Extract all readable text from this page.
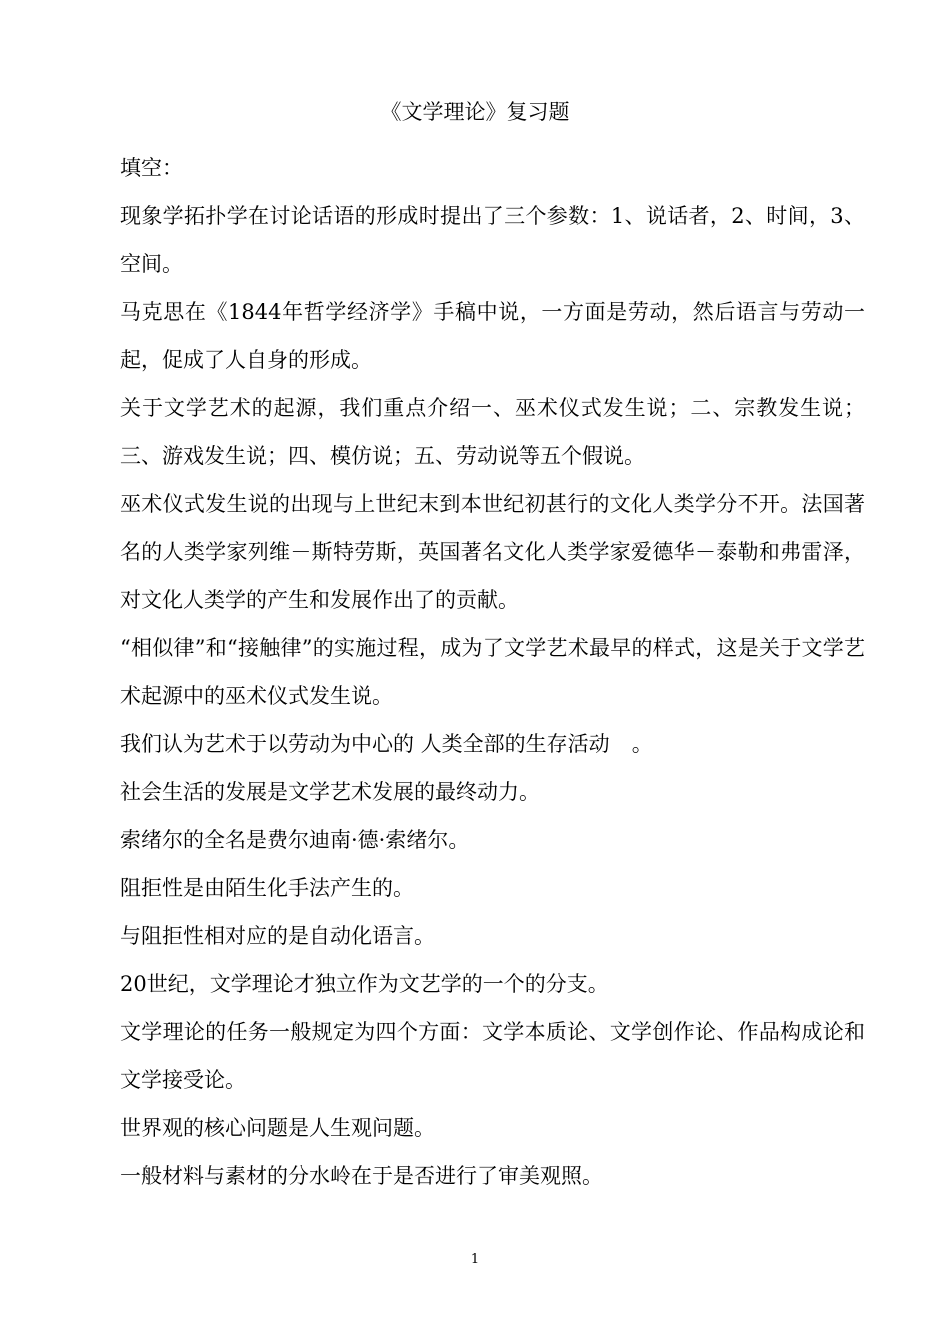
《文学理论》复习题

填空：

现象学拓扑学在讨论话语的形成时提出了三个参数：1、说话者，2、时间，3、空间。

马克思在《1844年哲学经济学》手稿中说，一方面是劳动，然后语言与劳动一起，促成了人自身的形成。

关于文学艺术的起源，我们重点介绍一、巫术仪式发生说；二、宗教发生说；三、游戏发生说；四、模仿说；五、劳动说等五个假说。

巫术仪式发生说的出现与上世纪末到本世纪初甚行的文化人类学分不开。法国著名的人类学家列维－斯特劳斯，英国著名文化人类学家爱德华－泰勒和弗雷泽，对文化人类学的产生和发展作出了的贡献。

“相似律”和“接触律”的实施过程，成为了文学艺术最早的样式，这是关于文学艺术起源中的巫术仪式发生说。

我们认为艺术于以劳动为中心的 人类全部的生存活动 。

社会生活的发展是文学艺术发展的最终动力。

索绪尔的全名是费尔迪南·德·索绪尔。

阻拒性是由陌生化手法产生的。

与阻拒性相对应的是自动化语言。

20世纪，文学理论才独立作为文艺学的一个的分支。

文学理论的任务一般规定为四个方面：文学本质论、文学创作论、作品构成论和文学接受论。

世界观的核心问题是人生观问题。

一般材料与素材的分水岭在于是否进行了审美观照。

1
